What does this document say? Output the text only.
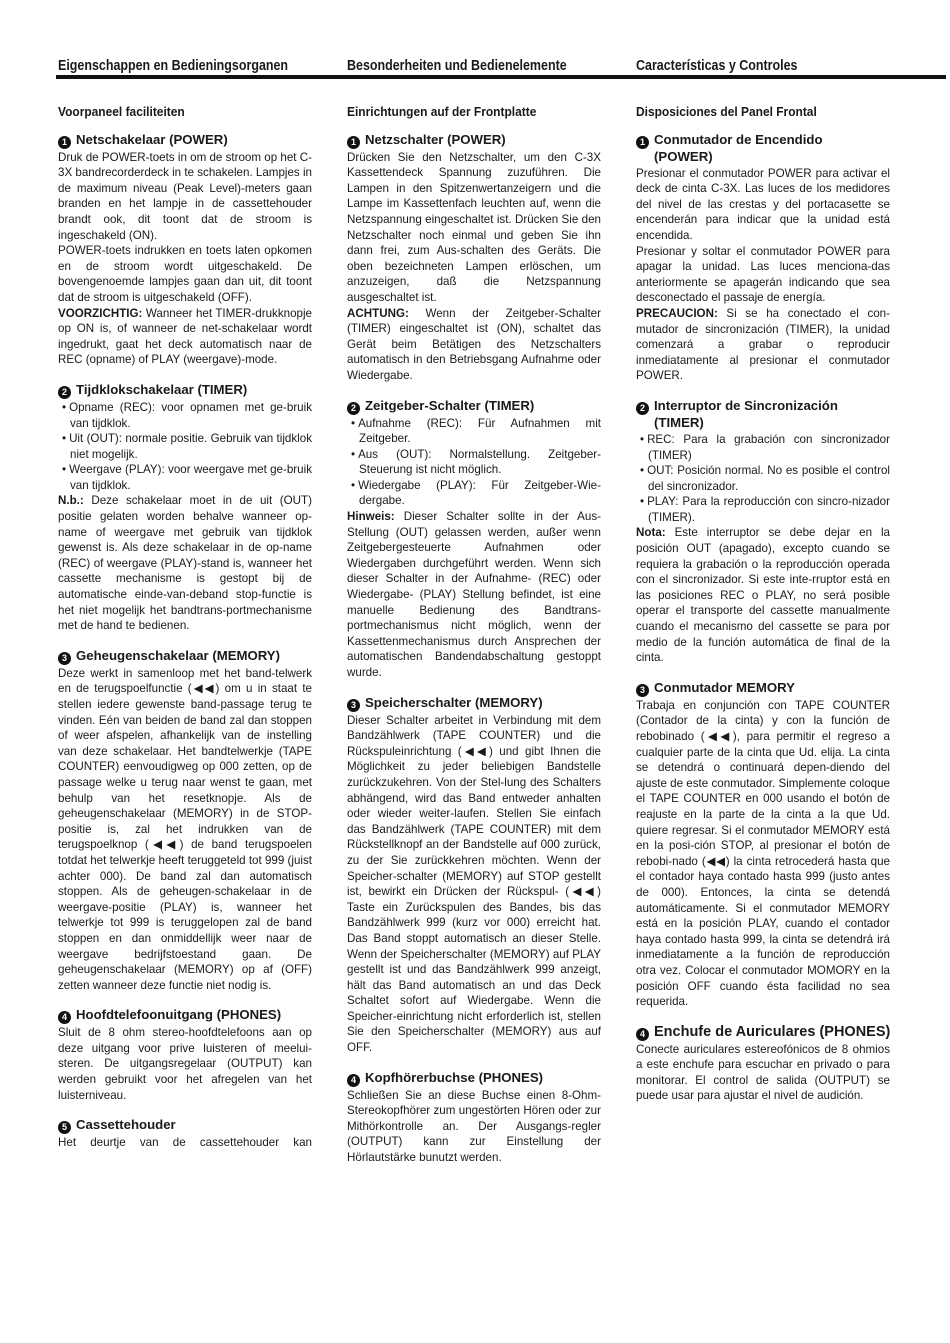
Eigenschappen en Bedieningsorganen	Besonderheiten und Bedienelemente	Características y Controles
Voorpaneel faciliteiten
1 Netschakelaar (POWER)

Druk de POWER-toets in om de stroom op het C-3X bandrecorderdeck in te schakelen. Lampjes in de maximum niveau (Peak Level)-meters gaan branden en het lampje in de cassettehouder brandt ook, dit toont dat de stroom is ingeschakeld (ON).

POWER-toets indrukken en toets laten opkomen en de stroom wordt uitgeschakeld. De bovengenoemde lampjes gaan dan uit, dit toont dat de stroom is uitgeschakeld (OFF).

VOORZICHTIG: Wanneer het TIMER-drukknopje op ON is, of wanneer de net-schakelaar wordt ingedrukt, gaat het deck automatisch naar de REC (opname) of PLAY (weergave)-mode.

2 Tijdklokschakelaar (TIMER)

• Opname (REC): voor opnamen met ge-bruik van tijdklok.

• Uit (OUT): normale positie. Gebruik van tijdklok niet mogelijk.

• Weergave (PLAY): voor weergave met ge-bruik van tijdklok.

N.b.: Deze schakelaar moet in de uit (OUT) positie gelaten worden behalve wanneer op-name of weergave met gebruik van tijdklok gewenst is. Als deze schakelaar in de op-name (REC) of weergave (PLAY)-stand is, wanneer het cassette mechanisme is gestopt bij de automatische einde-van-deband stop-functie is het niet mogelijk het bandtrans-portmechanisme met de hand te bedienen.

3 Geheugenschakelaar (MEMORY)

Deze werkt in samenloop met het band-telwerk en de terugspoelfunctie (◀◀) om u in staat te stellen iedere gewenste band-passage terug te vinden. Eén van beiden de band zal dan stoppen of weer afspelen, afhankelijk van de instelling van deze schakelaar. Het bandtelwerkje (TAPE COUNTER) eenvoudigweg op 000 zetten, op de passage welke u terug naar wenst te gaan, met behulp van het resetknopje. Als de geheugenschakelaar (MEMORY) in de STOP-positie is, zal het indrukken van de terugspoelknop (◀◀) de band terugspoelen totdat het telwerkje heeft teruggeteld tot 999 (juist achter 000). De band zal dan automatisch stoppen. Als de geheugen-schakelaar in de weergave-positie (PLAY) is, wanneer het telwerkje tot 999 is teruggelopen zal de band stoppen en dan onmiddellijk weer naar de weergave bedrijfstoestand gaan. De geheugenschakelaar (MEMORY) op af (OFF) zetten wanneer deze functie niet nodig is.

4 Hoofdtelefoonuitgang (PHONES)

Sluit de 8 ohm stereo-hoofdtelefoons aan op deze uitgang voor prive luisteren of meelui-steren. De uitgangsregelaar (OUTPUT) kan werden gebruikt voor het afregelen van het luisterniveau.

5 Cassettehouder

Het deurtje van de cassettehouder kan

Einrichtungen auf der Frontplatte
1 Netzschalter (POWER)

Drücken Sie den Netzschalter, um den C-3X Kassettendeck Spannung zuzuführen. Die Lampen in den Spitzenwertanzeigern und die Lampe im Kassettenfach leuchten auf, wenn die Netzspannung eingeschaltet ist. Drücken Sie den Netzschalter noch einmal und geben Sie ihn dann frei, zum Aus-schalten des Geräts. Die oben bezeichneten Lampen erlöschen, um anzuzeigen, daß die Netzspannung ausgeschaltet ist.

ACHTUNG: Wenn der Zeitgeber-Schalter (TIMER) eingeschaltet ist (ON), schaltet das Gerät beim Betätigen des Netzschalters automatisch in den Betriebsgang Aufnahme oder Wiedergabe.

2 Zeitgeber-Schalter (TIMER)

• Aufnahme (REC): Für Aufnahmen mit Zeitgeber.

• Aus (OUT): Normalstellung. Zeitgeber-Steuerung ist nicht möglich.

• Wiedergabe (PLAY): Für Zeitgeber-Wie-dergabe.

Hinweis: Dieser Schalter sollte in der Aus-Stellung (OUT) gelassen werden, außer wenn Zeitgebergesteuerte Aufnahmen oder Wiedergaben durchgeführt werden. Wenn sich dieser Schalter in der Aufnahme- (REC) oder Wiedergabe- (PLAY) Stellung befindet, ist eine manuelle Bedienung des Bandtrans-portmechanismus nicht möglich, wenn der Kassettenmechanismus durch Ansprechen der automatischen Bandendabschaltung gestoppt wurde.

3 Speicherschalter (MEMORY)

Dieser Schalter arbeitet in Verbindung mit dem Bandzählwerk (TAPE COUNTER) und die Rückspuleinrichtung (◀◀) und gibt Ihnen die Möglichkeit zu jeder beliebigen Bandstelle zurückzukehren. Von der Stel-lung des Schalters abhängend, wird das Band entweder anhalten oder wieder weiter-laufen. Stellen Sie einfach das Bandzählwerk (TAPE COUNTER) mit dem Rückstellknopf an der Bandstelle auf 000 zurück, zu der Sie zurückkehren möchten. Wenn der Speicher-schalter (MEMORY) auf STOP gestellt ist, bewirkt ein Drücken der Rückspul- (◀◀) Taste ein Zurückspulen des Bandes, bis das Bandzählwerk 999 (kurz vor 000) erreicht hat. Das Band stoppt automatisch an dieser Stelle. Wenn der Speicherschalter (MEMORY) auf PLAY gestellt ist und das Bandzählwerk 999 anzeigt, hält das Band automatisch an und das Deck Schaltet sofort auf Wiedergabe. Wenn die Speicher-einrichtung nicht erforderlich ist, stellen Sie den Speicherschalter (MEMORY) aus auf OFF.

4 Kopfhörerbuchse (PHONES)

Schließen Sie an diese Buchse einen 8-Ohm-Stereokopfhörer zum ungestörten Hören oder zur Mithörkontrolle an. Der Ausgangs-regler (OUTPUT) kann zur Einstellung der Hörlautstärke bunutzt werden.

Disposiciones del Panel Frontal
1 Conmutador de Encendido
(POWER)

Presionar el conmutador POWER para activar el deck de cinta C-3X. Las luces de los medidores del nivel de las crestas y del portacasette se encenderán para indicar que la unidad está encendida.

Presionar y soltar el conmutador POWER para apagar la unidad. Las luces menciona-das anteriormente se apagerán indicando que sea desconectado el passaje de energía.

PRECAUCION: Si se ha conectado el con-mutador de sincronización (TIMER), la unidad comenzará a grabar o reproducir inmediatamente al presionar el conmutador POWER.

2 Interruptor de Sincronización
(TIMER)

• REC: Para la grabación con sincronizador (TIMER)

• OUT: Posición normal. No es posible el control del sincronizador.

• PLAY: Para la reproducción con sincro-nizador (TIMER).

Nota: Este interruptor se debe dejar en la posición OUT (apagado), excepto cuando se requiera la grabación o la reproducción operada con el sincronizador. Si este inte-rruptor está en las posiciones REC o PLAY, no será posible operar el transporte del cassette manualmente cuando el mecanismo del cassette se para por medio de la función automática de final de la cinta.

3 Conmutador MEMORY

Trabaja en conjunción con TAPE COUNTER (Contador de la cinta) y con la función de rebobinado (◀◀), para permitir el regreso a cualquier parte de la cinta que Ud. elija. La cinta se detendrá o continuará depen-diendo del ajuste de este conmutador. Simplemente coloque el TAPE COUNTER en 000 usando el botón de reajuste en la parte de la cinta a la que Ud. quiere regresar. Si el conmutador MEMORY está en la posi-ción STOP, al presionar el botón de rebobi-nado (◀◀) la cinta retrocederá hasta que el contador haya contado hasta 999 (justo antes de 000). Entonces, la cinta se detendá automáticamente. Si el conmutador MEMORY está en la posición PLAY, cuando el contador haya contado hasta 999, la cinta se detendrá irá inmediatamente a la función de reproducción otra vez. Colocar el conmutador MOMORY en la posición OFF cuando ésta facilidad no sea requerida.

4 Enchufe de Auriculares (PHONES)

Conecte auriculares estereofónicos de 8 ohmios a este enchufe para escuchar en privado o para monitorar. El control de salida (OUTPUT) se puede usar para ajustar el nivel de audición.
